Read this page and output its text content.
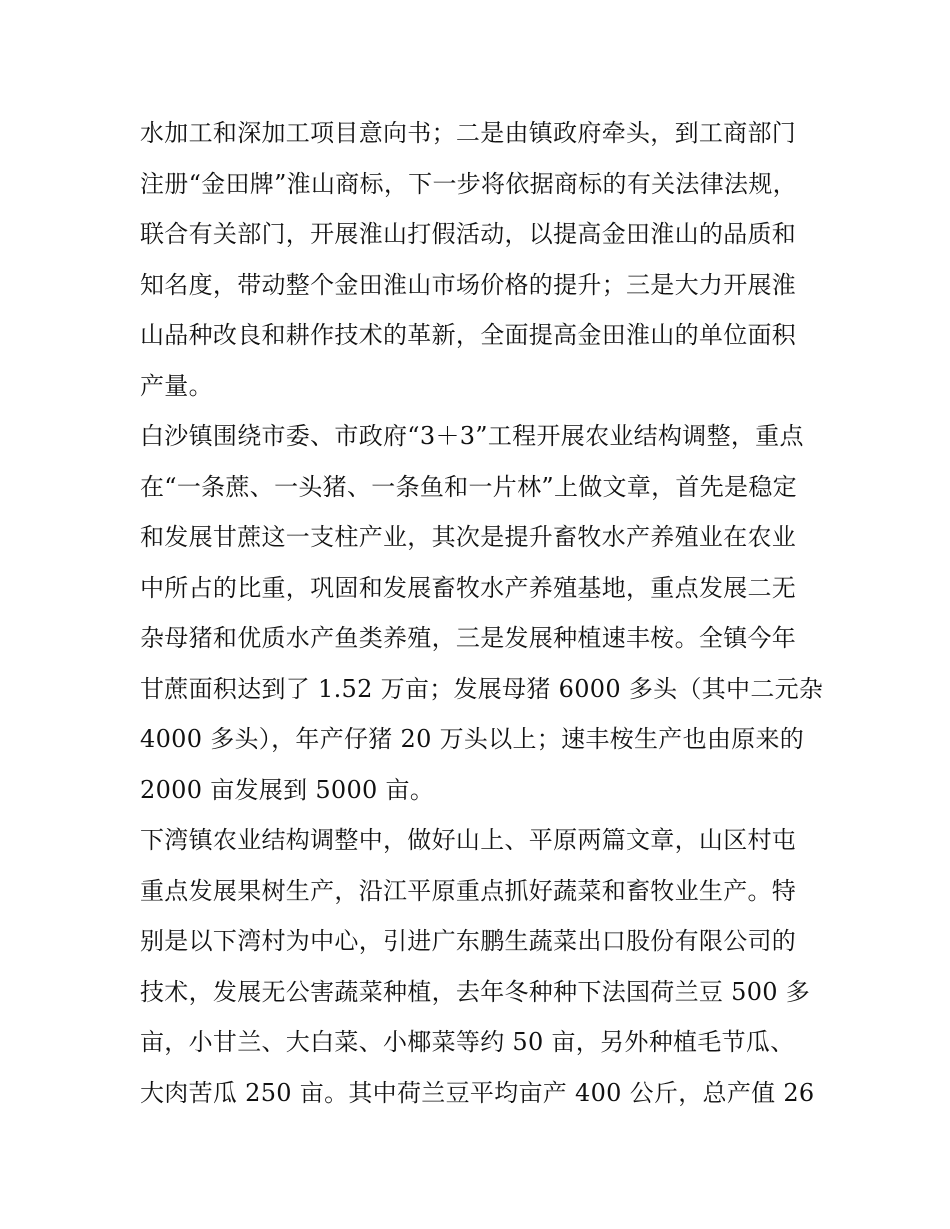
水加工和深加工项目意向书；二是由镇政府牵头，到工商部门
注册“金田牌”淮山商标，下一步将依据商标的有关法律法规，
联合有关部门，开展淮山打假活动，以提高金田淮山的品质和
知名度，带动整个金田淮山市场价格的提升；三是大力开展淮
山品种改良和耕作技术的革新，全面提高金田淮山的单位面积
产量。
白沙镇围绕市委、市政府“3＋3”工程开展农业结构调整，重点
在“一条蔗、一头猪、一条鱼和一片林”上做文章，首先是稳定
和发展甘蔗这一支柱产业，其次是提升畜牧水产养殖业在农业
中所占的比重，巩固和发展畜牧水产养殖基地，重点发展二无
杂母猪和优质水产鱼类养殖，三是发展种植速丰桉。全镇今年
甘蔗面积达到了 1.52 万亩；发展母猪 6000 多头（其中二元杂
4000 多头），年产仔猪 20 万头以上；速丰桉生产也由原来的
2000 亩发展到 5000 亩。
下湾镇农业结构调整中，做好山上、平原两篇文章，山区村屯
重点发展果树生产，沿江平原重点抓好蔬菜和畜牧业生产。特
别是以下湾村为中心，引进广东鹏生蔬菜出口股份有限公司的
技术，发展无公害蔬菜种植，去年冬种种下法国荷兰豆 500 多
亩，小甘兰、大白菜、小椰菜等约 50 亩，另外种植毛节瓜、
大肉苦瓜 250 亩。其中荷兰豆平均亩产 400 公斤，总产值 26
